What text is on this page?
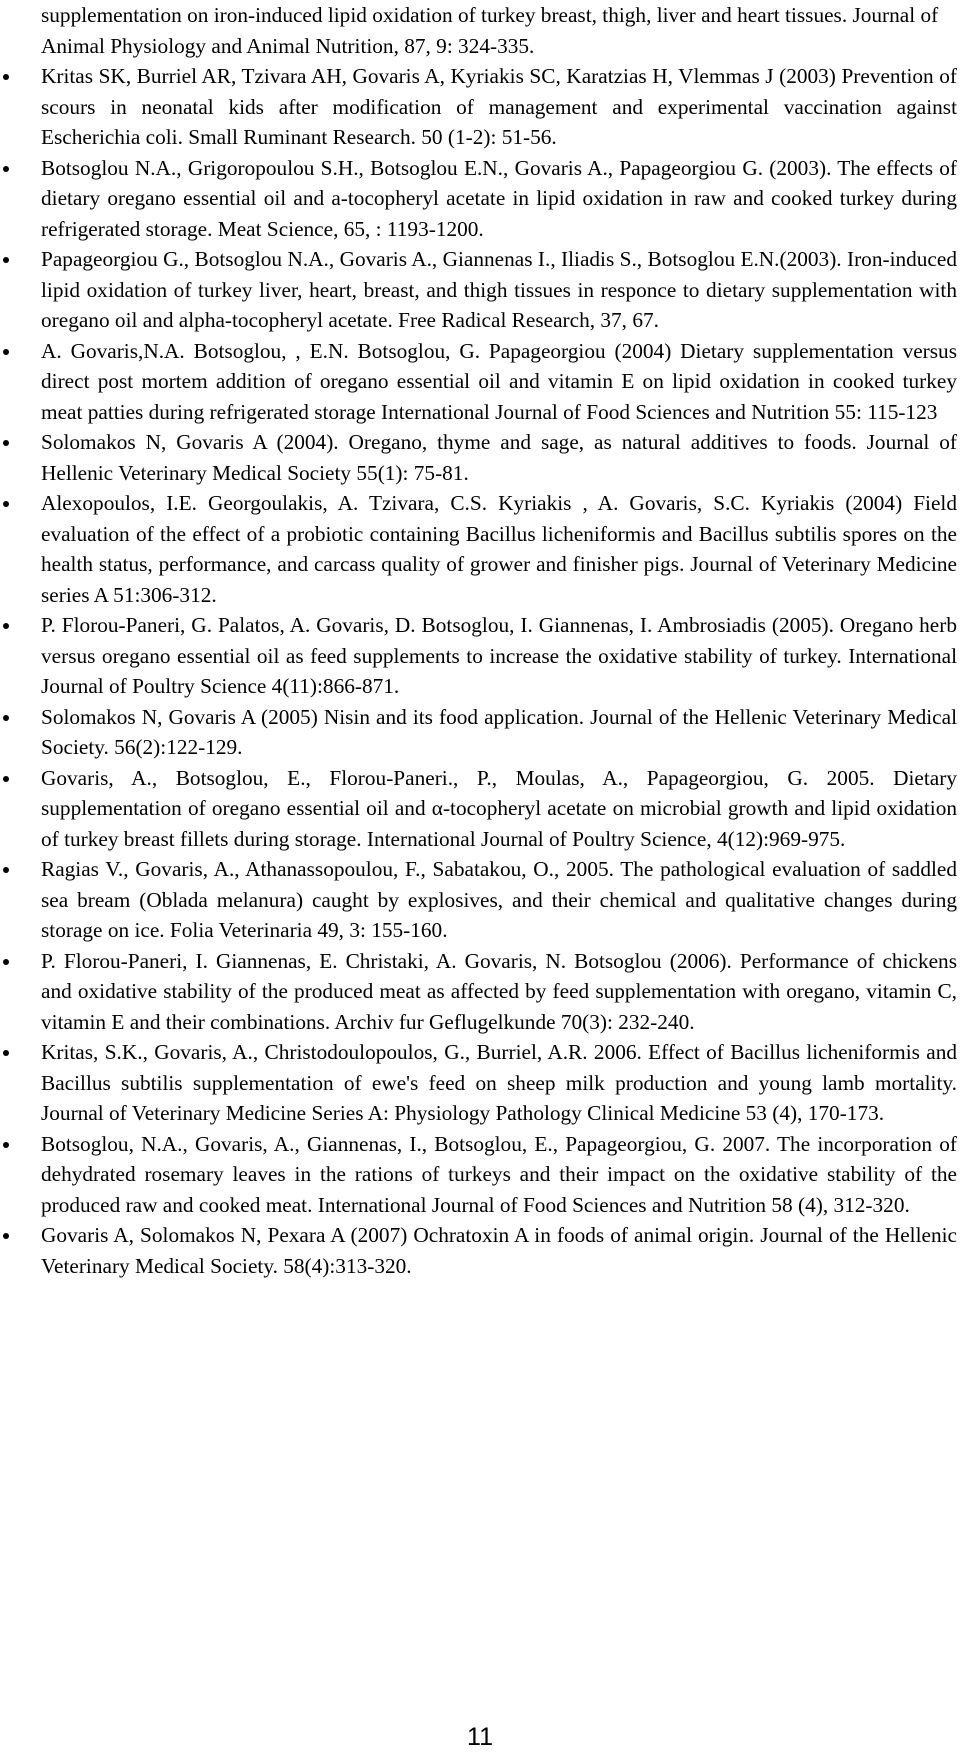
supplementation on iron-induced lipid oxidation of turkey breast, thigh, liver and heart tissues. Journal of Animal Physiology and Animal Nutrition, 87, 9: 324-335.

Kritas SK, Burriel AR, Tzivara AH, Govaris A, Kyriakis SC, Karatzias H, Vlemmas J (2003) Prevention of scours in neonatal kids after modification of management and experimental vaccination against Escherichia coli. Small Ruminant Research. 50 (1-2): 51-56.

Botsoglou N.A., Grigoropoulou S.H., Botsoglou E.N., Govaris A., Papageorgiou G. (2003). The effects of dietary oregano essential oil and a-tocopheryl acetate in lipid oxidation in raw and cooked turkey during refrigerated storage. Meat Science, 65, : 1193-1200.

Papageorgiou G., Botsoglou N.A., Govaris A., Giannenas I., Iliadis S., Botsoglou E.N.(2003). Iron-induced lipid oxidation of turkey liver, heart, breast, and thigh tissues in responce to dietary supplementation with oregano oil and alpha-tocopheryl acetate. Free Radical Research, 37, 67.

A. Govaris,N.A. Botsoglou, , E.N. Botsoglou, G. Papageorgiou (2004) Dietary supplementation versus direct post mortem addition of oregano essential oil and vitamin E on lipid oxidation in cooked turkey meat patties during refrigerated storage International Journal of Food Sciences and Nutrition 55: 115-123

Solomakos N, Govaris A (2004). Oregano, thyme and sage, as natural additives to foods. Journal of Hellenic Veterinary Medical Society 55(1): 75-81.

Alexopoulos, I.E. Georgoulakis, A. Tzivara, C.S. Kyriakis , A. Govaris, S.C. Kyriakis (2004) Field evaluation of the effect of a probiotic containing Bacillus licheniformis and Bacillus subtilis spores on the health status, performance, and carcass quality of grower and finisher pigs. Journal of Veterinary Medicine series A 51:306-312.

P. Florou-Paneri, G. Palatos, A. Govaris, D. Botsoglou, I. Giannenas, I. Ambrosiadis (2005). Oregano herb versus oregano essential oil as feed supplements to increase the oxidative stability of turkey. International Journal of Poultry Science 4(11):866-871.

Solomakos N, Govaris A (2005) Nisin and its food application. Journal of the Hellenic Veterinary Medical Society. 56(2):122-129.

Govaris, A., Botsoglou, E., Florou-Paneri., P., Moulas, A., Papageorgiou, G. 2005. Dietary supplementation of oregano essential oil and α-tocopheryl acetate on microbial growth and lipid oxidation of turkey breast fillets during storage. International Journal of Poultry Science, 4(12):969-975.

Ragias V., Govaris, A., Athanassopoulou, F., Sabatakou, O., 2005. The pathological evaluation of saddled sea bream (Oblada melanura) caught by explosives, and their chemical and qualitative changes during storage on ice. Folia Veterinaria 49, 3: 155-160.

P. Florou-Paneri, I. Giannenas, E. Christaki, A. Govaris, N. Botsoglou (2006). Performance of chickens and oxidative stability of the produced meat as affected by feed supplementation with oregano, vitamin C, vitamin E and their combinations. Archiv fur Geflugelkunde 70(3): 232-240.

Kritas, S.K., Govaris, A., Christodoulopoulos, G., Burriel, A.R. 2006. Effect of Bacillus licheniformis and Bacillus subtilis supplementation of ewe's feed on sheep milk production and young lamb mortality. Journal of Veterinary Medicine Series A: Physiology Pathology Clinical Medicine 53 (4), 170-173.

Botsoglou, N.A., Govaris, A., Giannenas, I., Botsoglou, E., Papageorgiou, G. 2007. The incorporation of dehydrated rosemary leaves in the rations of turkeys and their impact on the oxidative stability of the produced raw and cooked meat. International Journal of Food Sciences and Nutrition 58 (4), 312-320.

Govaris A, Solomakos N, Pexara A (2007) Ochratoxin A in foods of animal origin. Journal of the Hellenic Veterinary Medical Society. 58(4):313-320.

11
